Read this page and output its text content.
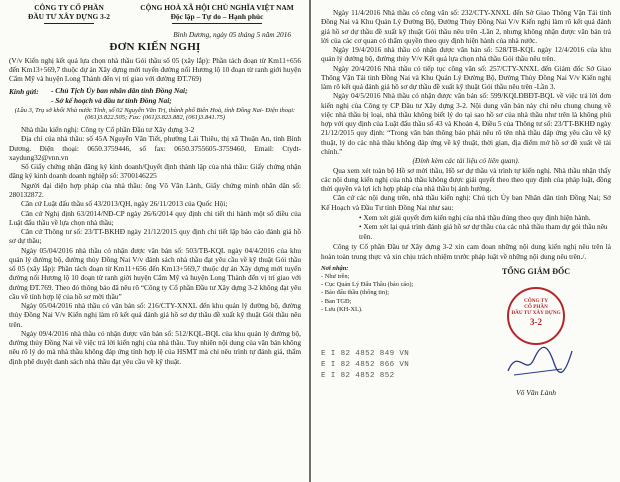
CÔNG TY CỔ PHẦN
ĐẦU TƯ XÂY DỰNG 3-2
CỘNG HOÀ XÃ HỘI CHỦ NGHĨA VIỆT NAM
Độc lập – Tự do – Hạnh phúc
Bình Dương, ngày 05 tháng 5 năm 2016
ĐƠN KIẾN NGHỊ

(V/v Kiến nghị kết quả lựa chọn nhà thầu Gói thầu số 05 (xây lắp): Phần tách đoạn từ Km11+656 đến Km13+569,7 thuộc dự án Xây dựng mới tuyến đường nối Hương lộ 10 đoạn từ ranh giới huyện Cẩm Mỹ và huyện Long Thành đến vị trí giao với đường ĐT.769)

Kính gửi:	- Chủ Tịch Ủy ban nhân dân tỉnh Đồng Nai;
- Sở kế hoạch và đầu tư tỉnh Đồng Nai;
(Lầu 3, Trụ sở khối Nhà nước Tỉnh, số 02 Nguyễn Văn Trị, thành phố Biên Hoà, tỉnh Đồng Nai- Điện thoại: (061)3.822.505; Fax: (061)3.823.882, (061)3.841.75)

Nhà thầu kiến nghị: Công ty Cổ phần Đầu tư Xây dựng 3-2

Địa chỉ của nhà thầu: số 45A Nguyễn Văn Tiết, phường Lái Thiêu, thị xã Thuận An, tỉnh Bình Dương. Điện thoại: 0650.3759446, số fax: 0650.3755605-3759460, Email: Ctydt-xaydung32@vnn.vn

Số Giấy chứng nhận đăng ký kinh doanh/Quyết định thành lập của nhà thầu: Giấy chứng nhận đăng ký kinh doanh doanh nghiệp số: 3700146225

Người đại diện hợp pháp của nhà thầu: ông Võ Văn Lành, Giấy chứng minh nhân dân số: 280132872.

Căn cứ Luật đấu thầu số 43/2013/QH, ngày 26/11/2013 của Quốc Hội;

Căn cứ Nghị định 63/2014/NĐ-CP ngày 26/6/2014 quy định chi tiết thi hành một số điều của Luật đấu thầu về lựa chọn nhà thầu;

Căn cứ Thông tư số: 23/TT-BKHĐ ngày 21/12/2015 quy định chi tiết lập báo cáo đánh giá hồ sơ dự thầu;

Ngày 05/04/2016 nhà thầu có nhận được văn bản số: 503/TB-KQL ngày 04/4/2016 của khu quản lý đường bộ, đường thủy Đồng Nai V/v đánh sách nhà thầu đạt yêu cầu về kỹ thuật Gói thầu số 05 (xây lắp): Phần tách đoạn từ Km11+656 đến Km13+569,7 thuộc dự án Xây dựng mới tuyến đường nối Hương lộ 10 đoạn từ ranh giới huyện Cẩm Mỹ và huyện Long Thành đến vị trí giao với đường ĐT.769. Theo đó thông báo đã nêu rõ “Công ty Cổ phần Đầu tư Xây dựng 3-2 không đạt yêu cầu về tính hợp lệ của hồ sơ mời thầu”

Ngày 05/04/2016 nhà thầu có văn bản số: 216/CTY-XNXL đến khu quản lý đường bộ, đường thủy Đồng Nai V/v Kiến nghị làm rõ kết quả đánh giá hồ sơ dự thầu đề xuất kỹ thuật Gói thầu nêu trên.

Ngày 09/4/2016 nhà thầu có nhận được văn bản số: 512/KQL-BQL của khu quản lý đường bộ, đường thủy Đồng Nai về việc trả lời kiến nghị của nhà thầu. Tuy nhiên nội dung của văn bản không nêu rõ lý do mà nhà thầu không đáp ứng tính hợp lệ của HSMT mà chỉ nêu trình tự đánh giá, thẩm định phê duyệt danh sách nhà thầu đạt yêu cầu về kỹ thuật.

Ngày 11/4/2016 Nhà thầu có công văn số: 232/CTY-XNXL đến Sở Giao Thông Vận Tải tỉnh Đồng Nai và Khu Quản Lý Đường Bộ, Đường Thủy Đồng Nai V/v Kiến nghị làm rõ kết quả đánh giá hồ sơ dự thầu đề xuất kỹ thuật Gói thầu nêu trên -Lần 2, nhưng không nhận được văn bản trả lời của các cơ quan có thẩm quyền theo quy định hiện hành của nhà nước.

Ngày 19/4/2016 nhà thầu có nhận được văn bản số: 528/TB-KQL ngày 12/4/2016 của khu quản lý đường bộ, đường thủy V/v Kết quả lựa chọn nhà thầu Gói thầu nêu trên.

Ngày 20/4/2016 Nhà thầu có tiếp tục công văn số: 257/CTY-XNXL đến Giám đốc Sở Giao Thông Vận Tải tỉnh Đồng Nai và Khu Quản Lý Đường Bộ, Đường Thủy Đồng Nai V/v Kiến nghị làm rõ kết quả đánh giá hồ sơ dự thầu đề xuất kỹ thuật Gói thầu nêu trên -Lần 3.

Ngày 04/5/2016 Nhà thầu có nhận được văn bản số: 599/KQLĐBĐT-BQL về việc trả lời đơn kiến nghị của Công ty CP Đầu tư Xây dựng 3-2. Nội dung văn bản này chỉ nêu chung chung về việc nhà thầu bị loại, nhà thầu không biết lý do tại sao hồ sơ của nhà thầu như trên là không phù hợp với quy định của Luật đấu thầu số 43 và Khoản 4, Điều 5 của Thông tư số: 23/TT-BKHĐ ngày 21/12/2015 quy định: “Trong văn bản thông báo phải nêu rõ tên nhà thầu đáp ứng yêu cầu về kỹ thuật, lý do các nhà thầu không đáp ứng về kỹ thuật, thời gian, địa điểm mở hồ sơ đề xuất về tài chính.”

(Đính kèm các tài liệu có liên quan).

Qua xem xét toàn bộ Hồ sơ mời thầu, Hồ sơ dự thầu và trình tự kiến nghị. Nhà thầu nhận thấy các nội dung kiến nghị của nhà thầu không được giải quyết theo theo quy định của pháp luật, đồng thời quyền và lợi ích hợp pháp của nhà thầu bị ảnh hưởng.

Căn cứ các nội dung trên, nhà thầu kiến nghị: Chủ tịch Ủy ban Nhân dân tỉnh Đồng Nai; Sở Kế Hoạch và Đầu Tư tỉnh Đồng Nai như sau:

• Xem xét giải quyết đơn kiến nghị của nhà thầu đúng theo quy định hiện hành.
• Xem xét lại quá trình đánh giá hồ sơ dự thầu của các nhà thầu tham dự gói thầu nêu trên.

Công ty Cổ phần Đầu tư Xây dựng 3-2 xin cam đoan những nội dung kiến nghị nêu trên là hoàn toàn trung thực và xin chịu trách nhiệm trước pháp luật về những nội dung nêu trên./.

Nơi nhận:
- Như trên;
- Cục Quản Lý Đấu Thầu (báo cáo);
- Báo đấu thầu (thông tin);
- Ban TGĐ;
- Lưu (KH-XL).
E I 82 4852 849 VN
E I 82 4852 866 VN
E I 82 4852 852
TỔNG GIÁM ĐỐC
CÔNG TY
CỔ PHẦN
ĐẦU TƯ XÂY DỰNG
3-2
Võ Văn Lành
